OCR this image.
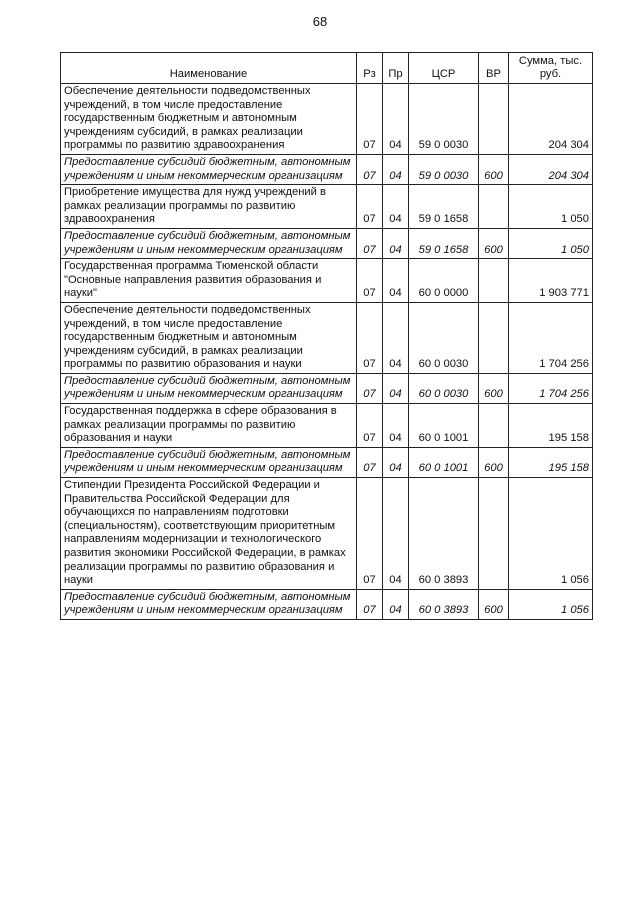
68
Наименование	Рз	Пр	ЦСР	ВР	Сумма, тыс. руб.
Обеспечение деятельности подведомственных учреждений, в том числе предоставление государственным бюджетным и автономным учреждениям субсидий, в рамках реализации программы по развитию здравоохранения	07	04	59 0 0030		204 304
Предоставление субсидий бюджетным, автономным учреждениям и иным некоммерческим организациям	07	04	59 0 0030	600	204 304
Приобретение имущества для нужд учреждений в рамках реализации программы по развитию здравоохранения	07	04	59 0 1658		1 050
Предоставление субсидий бюджетным, автономным учреждениям и иным некоммерческим организациям	07	04	59 0 1658	600	1 050
Государственная программа Тюменской области "Основные направления развития образования и науки"	07	04	60 0 0000		1 903 771
Обеспечение деятельности подведомственных учреждений, в том числе предоставление государственным бюджетным и автономным учреждениям субсидий, в рамках реализации программы по развитию образования и науки	07	04	60 0 0030		1 704 256
Предоставление субсидий бюджетным, автономным учреждениям и иным некоммерческим организациям	07	04	60 0 0030	600	1 704 256
Государственная поддержка в сфере образования в рамках реализации программы по развитию образования и науки	07	04	60 0 1001		195 158
Предоставление субсидий бюджетным, автономным учреждениям и иным некоммерческим организациям	07	04	60 0 1001	600	195 158
Стипендии Президента Российской Федерации и Правительства Российской Федерации для обучающихся по направлениям подготовки (специальностям), соответствующим приоритетным направлениям модернизации и технологического развития экономики Российской Федерации, в рамках реализации программы по развитию образования и науки	07	04	60 0 3893		1 056
Предоставление субсидий бюджетным, автономным учреждениям и иным некоммерческим организациям	07	04	60 0 3893	600	1 056
